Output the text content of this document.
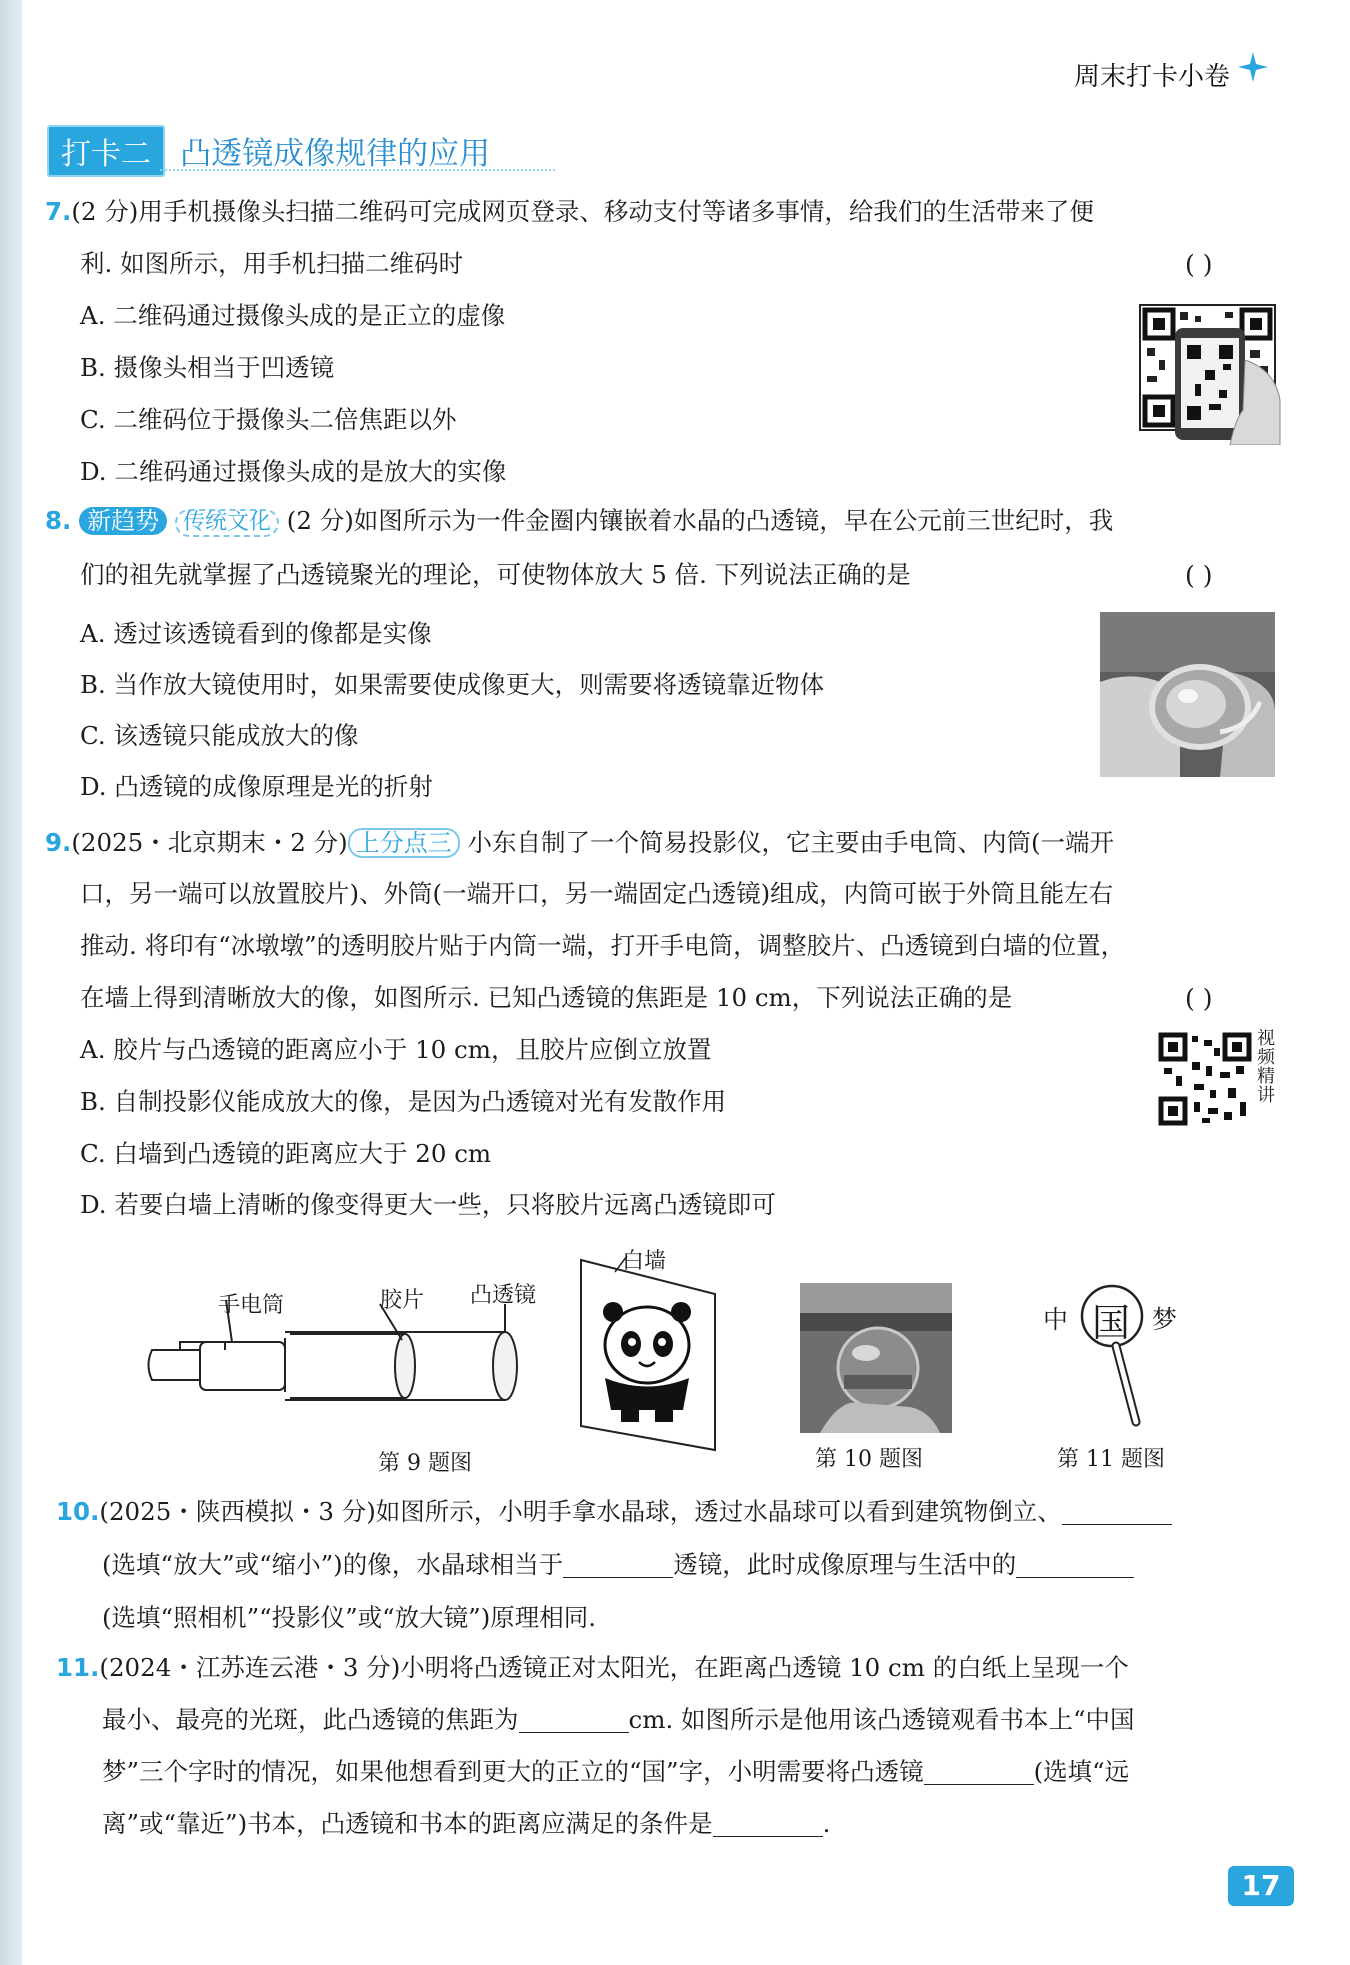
周末打卡小卷
打卡二 凸透镜成像规律的应用
7.(2 分)用手机摄像头扫描二维码可完成网页登录、移动支付等诸多事情，给我们的生活带来了便
利. 如图所示，用手机扫描二维码时	( )
A. 二维码通过摄像头成的是正立的虚像
B. 摄像头相当于凹透镜
C. 二维码位于摄像头二倍焦距以外
D. 二维码通过摄像头成的是放大的实像
8. 新趋势 传统文化 (2 分)如图所示为一件金圈内镶嵌着水晶的凸透镜，早在公元前三世纪时，我
们的祖先就掌握了凸透镜聚光的理论，可使物体放大 5 倍. 下列说法正确的是	( )
A. 透过该透镜看到的像都是实像
B. 当作放大镜使用时，如果需要使成像更大，则需要将透镜靠近物体
C. 该透镜只能成放大的像
D. 凸透镜的成像原理是光的折射
9.(2025・北京期末・2 分) 上分点三 小东自制了一个简易投影仪，它主要由手电筒、内筒(一端开
口，另一端可以放置胶片)、外筒(一端开口，另一端固定凸透镜)组成，内筒可嵌于外筒且能左右
推动. 将印有“冰墩墩”的透明胶片贴于内筒一端，打开手电筒，调整胶片、凸透镜到白墙的位置，
在墙上得到清晰放大的像，如图所示. 已知凸透镜的焦距是 10 cm，下列说法正确的是	( )
A. 胶片与凸透镜的距离应小于 10 cm，且胶片应倒立放置
B. 自制投影仪能成放大的像，是因为凸透镜对光有发散作用
C. 白墙到凸透镜的距离应大于 20 cm
D. 若要白墙上清晰的像变得更大一些，只将胶片远离凸透镜即可
视频精讲
手电筒	胶片 凸透镜
白墙
第 9 题图	第 10 题图
中 国 梦
第 11 题图
10.(2025・陕西模拟・3 分)如图所示，小明手拿水晶球，透过水晶球可以看到建筑物倒立、
(选填“放大”或“缩小”)的像，水晶球相当于	透镜，此时成像原理与生活中的
(选填“照相机”“投影仪”或“放大镜”)原理相同.
11.(2024・江苏连云港・3 分)小明将凸透镜正对太阳光，在距离凸透镜 10 cm 的白纸上呈现一个
最小、最亮的光斑，此凸透镜的焦距为	cm. 如图所示是他用该凸透镜观看书本上“中国
梦”三个字时的情况，如果他想看到更大的正立的“国”字，小明需要将凸透镜	(选填“远
离”或“靠近”)书本，凸透镜和书本的距离应满足的条件是	.
17
